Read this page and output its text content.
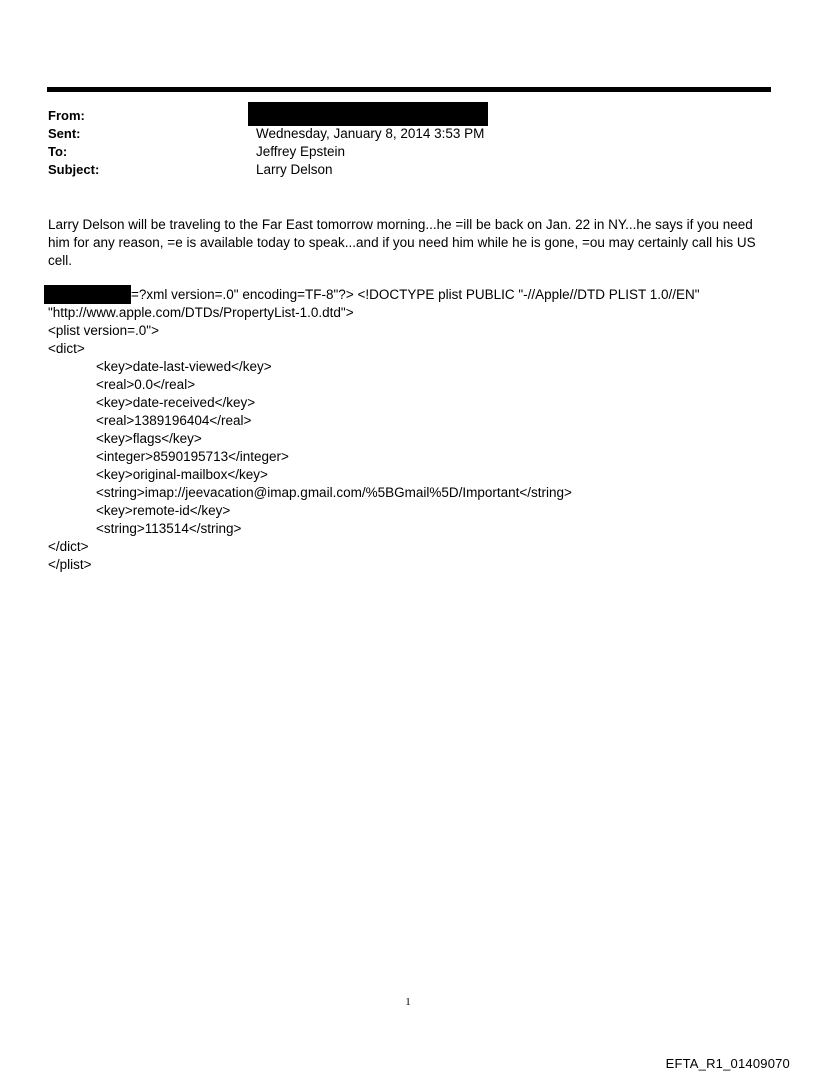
From:
Sent:	Wednesday, January 8, 2014 3:53 PM
To:	Jeffrey Epstein
Subject:	Larry Delson
Larry Delson will be traveling to the Far East tomorrow morning...he =ill be back on Jan. 22 in NY...he says if you need him for any reason, =e is available today to speak...and if you need him while he is gone, =ou may certainly call his US cell.
=?xml version=.0" encoding=TF-8"?> <!DOCTYPE plist PUBLIC "-//Apple//DTD PLIST 1.0//EN"
"http://www.apple.com/DTDs/PropertyList-1.0.dtd">
<plist version=.0">
<dict>
<key>date-last-viewed</key>
<real>0.0</real>
<key>date-received</key>
<real>1389196404</real>
<key>flags</key>
<integer>8590195713</integer>
<key>original-mailbox</key>
<string>imap://jeevacation@imap.gmail.com/%5BGmail%5D/Important</string>
<key>remote-id</key>
<string>113514</string>
</dict>
</plist>
1
EFTA_R1_01409070
